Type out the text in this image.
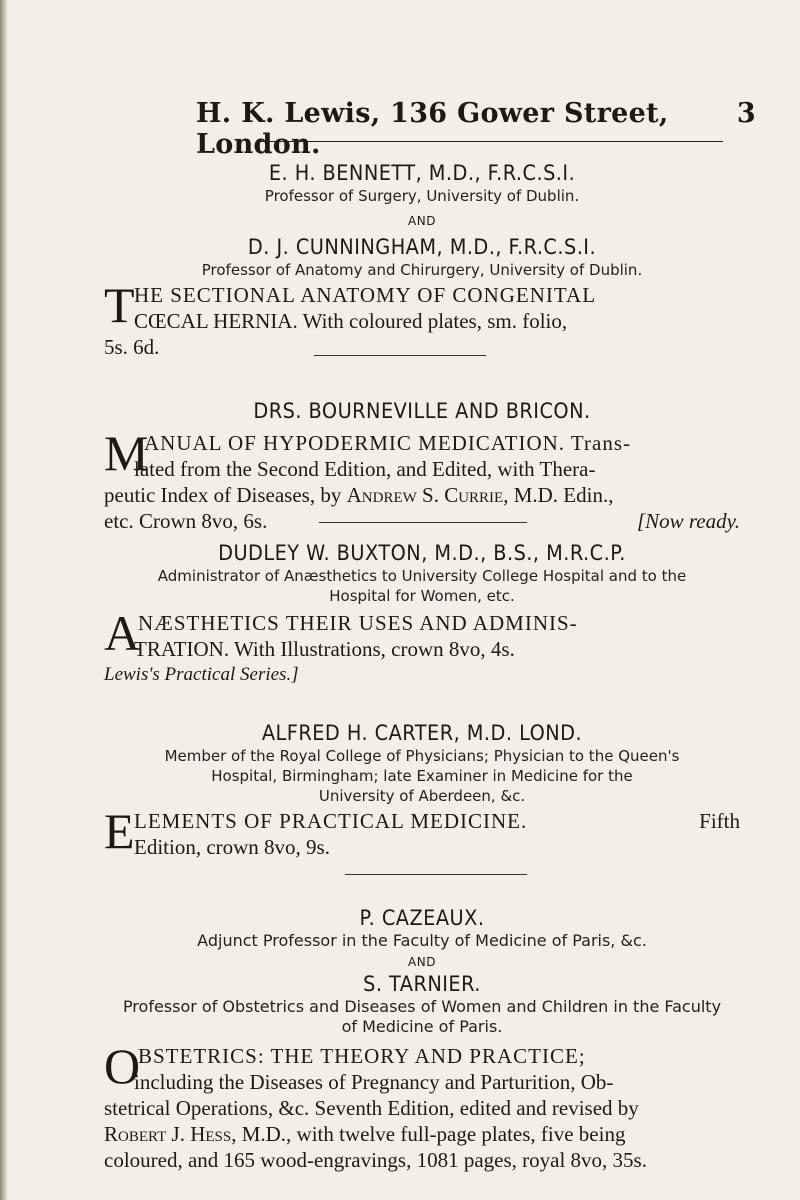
H. K. Lewis, 136 Gower Street, London.
3
E. H. BENNETT, M.D., F.R.C.S.I.
Professor of Surgery, University of Dublin.
AND
D. J. CUNNINGHAM, M.D., F.R.C.S.I.
Professor of Anatomy and Chirurgery, University of Dublin.
T HE SECTIONAL ANATOMY OF CONGENITAL
CŒCAL HERNIA. With coloured plates, sm. folio,
5s. 6d.
DRS. BOURNEVILLE AND BRICON.
M
ANUAL OF HYPODERMIC MEDICATION. Trans-
lated from the Second Edition, and Edited, with Thera-
peutic Index of Diseases, by Andrew S. Currie, M.D. Edin.,
etc. Crown 8vo, 6s.	[Now ready.
DUDLEY W. BUXTON, M.D., B.S., M.R.C.P.
Administrator of Anæsthetics to University College Hospital and to the
Hospital for Women, etc.
A
NÆSTHETICS THEIR USES AND ADMINIS-
TRATION. With Illustrations, crown 8vo, 4s.
Lewis's Practical Series.]
ALFRED H. CARTER, M.D. LOND.
Member of the Royal College of Physicians; Physician to the Queen's
Hospital, Birmingham; late Examiner in Medicine for the
University of Aberdeen, &c.
E LEMENTS OF PRACTICAL MEDICINE.	Fifth
Edition, crown 8vo, 9s.
P. CAZEAUX.
Adjunct Professor in the Faculty of Medicine of Paris, &c.
AND
S. TARNIER.
Professor of Obstetrics and Diseases of Women and Children in the Faculty
of Medicine of Paris.
O
BSTETRICS: THE THEORY AND PRACTICE;
including the Diseases of Pregnancy and Parturition, Ob-
stetrical Operations, &c. Seventh Edition, edited and revised by
Robert J. Hess, M.D., with twelve full-page plates, five being
coloured, and 165 wood-engravings, 1081 pages, royal 8vo, 35s.
